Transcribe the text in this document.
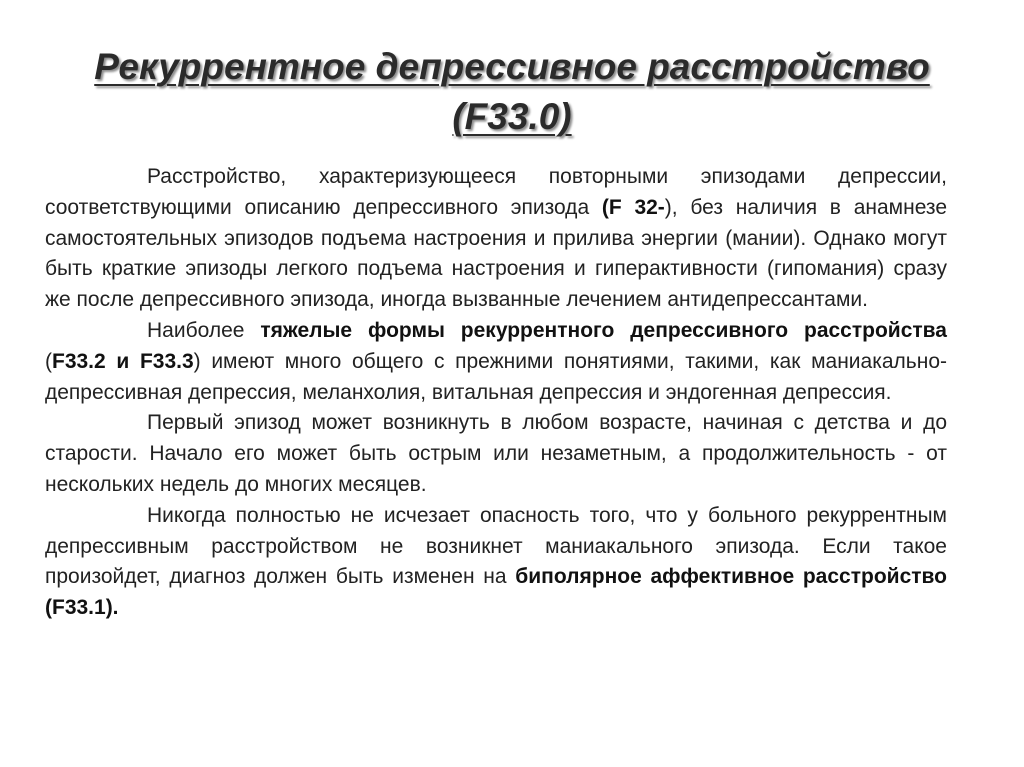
Рекуррентное депрессивное расстройство
(F33.0)

Расстройство, характеризующееся повторными эпизодами депрессии, соответствующими описанию депрессивного эпизода (F 32-), без наличия в анамнезе самостоятельных эпизодов подъема настроения и прилива энергии (мании). Однако могут быть краткие эпизоды легкого подъема настроения и гиперактивности (гипомания) сразу же после депрессивного эпизода, иногда вызванные лечением антидепрессантами.

Наиболее тяжелые формы рекуррентного депрессивного расстройства (F33.2 и F33.3) имеют много общего с прежними понятиями, такими, как маниакально-депрессивная депрессия, меланхолия, витальная депрессия и эндогенная депрессия.

Первый эпизод может возникнуть в любом возрасте, начиная с детства и до старости. Начало его может быть острым или незаметным, а продолжительность - от нескольких недель до многих месяцев.

Никогда полностью не исчезает опасность того, что у больного рекуррентным депрессивным расстройством не возникнет маниакального эпизода. Если такое произойдет, диагноз должен быть изменен на биполярное аффективное расстройство (F33.1).
